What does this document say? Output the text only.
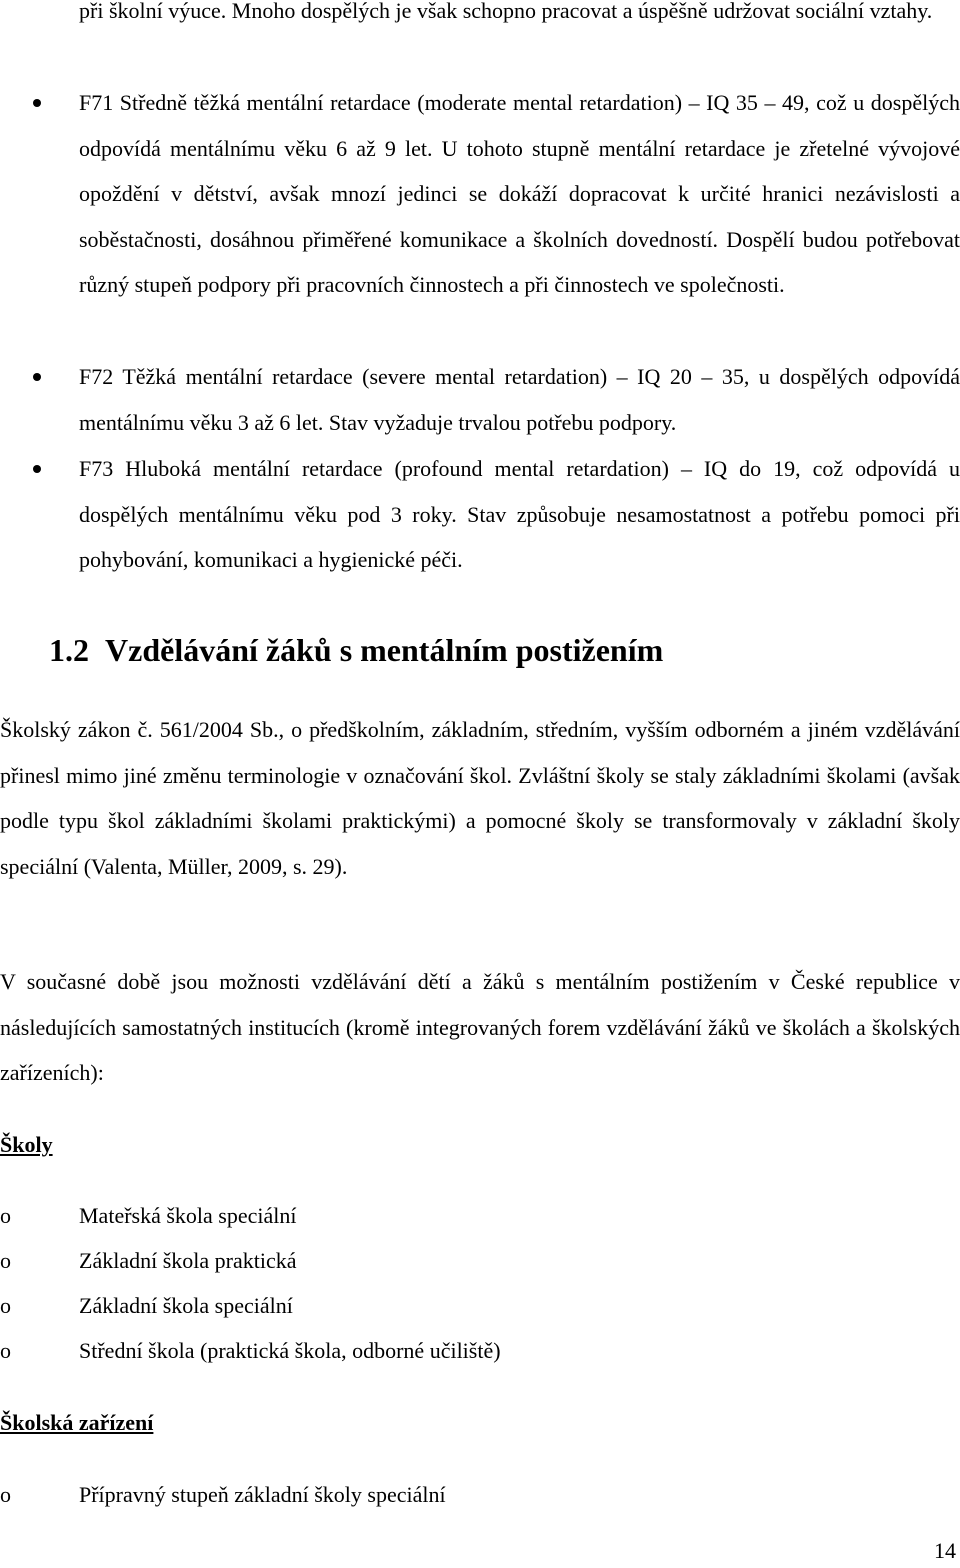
při školní výuce. Mnoho dospělých je však schopno pracovat a úspěšně udržovat sociální vztahy.

F71 Středně těžká mentální retardace (moderate mental retardation) – IQ 35 – 49, což u dospělých odpovídá mentálnímu věku 6 až 9 let. U tohoto stupně mentální retardace je zřetelné vývojové opoždění v dětství, avšak mnozí jedinci se dokáží dopracovat k určité hranici nezávislosti a soběstačnosti, dosáhnou přiměřené komunikace a školních dovedností. Dospělí budou potřebovat různý stupeň podpory při pracovních činnostech a při činnostech ve společnosti.

F72 Těžká mentální retardace (severe mental retardation) – IQ 20 – 35, u dospělých odpovídá mentálnímu věku 3 až 6 let. Stav vyžaduje trvalou potřebu podpory.

F73 Hluboká mentální retardace (profound mental retardation) – IQ do 19, což odpovídá u dospělých mentálnímu věku pod 3 roky. Stav způsobuje nesamostatnost a potřebu pomoci při pohybování, komunikaci a hygienické péči.

1.2 Vzdělávání žáků s mentálním postižením

Školský zákon č. 561/2004 Sb., o předškolním, základním, středním, vyšším odborném a jiném vzdělávání přinesl mimo jiné změnu terminologie v označování škol. Zvláštní školy se staly základními školami (avšak podle typu škol základními školami praktickými) a pomocné školy se transformovaly v základní školy speciální (Valenta, Müller, 2009, s. 29).

V současné době jsou možnosti vzdělávání dětí a žáků s mentálním postižením v České republice v následujících samostatných institucích (kromě integrovaných forem vzdělávání žáků ve školách a školských zařízeních):

Školy

o	Mateřská škola speciální
o	Základní škola praktická
o	Základní škola speciální
o	Střední škola (praktická škola, odborné učiliště)

Školská zařízení

o	Přípravný stupeň základní školy speciální
14
